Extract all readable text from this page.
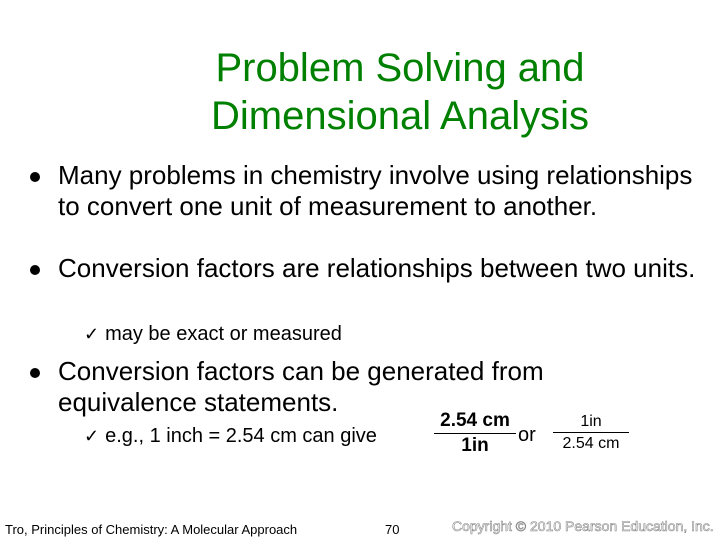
Problem Solving and
Dimensional Analysis
Many problems in chemistry involve using relationships to convert one unit of measurement to another.
Conversion factors are relationships between two units.
✓ may be exact or measured
Conversion factors can be generated from equivalence statements.
✓ e.g., 1 inch = 2.54 cm can give
2.54 cm
1in	or
1in
2.54 cm
Tro, Principles of Chemistry: A Molecular Approach	70	Copyright © 2010 Pearson Education, Inc.
